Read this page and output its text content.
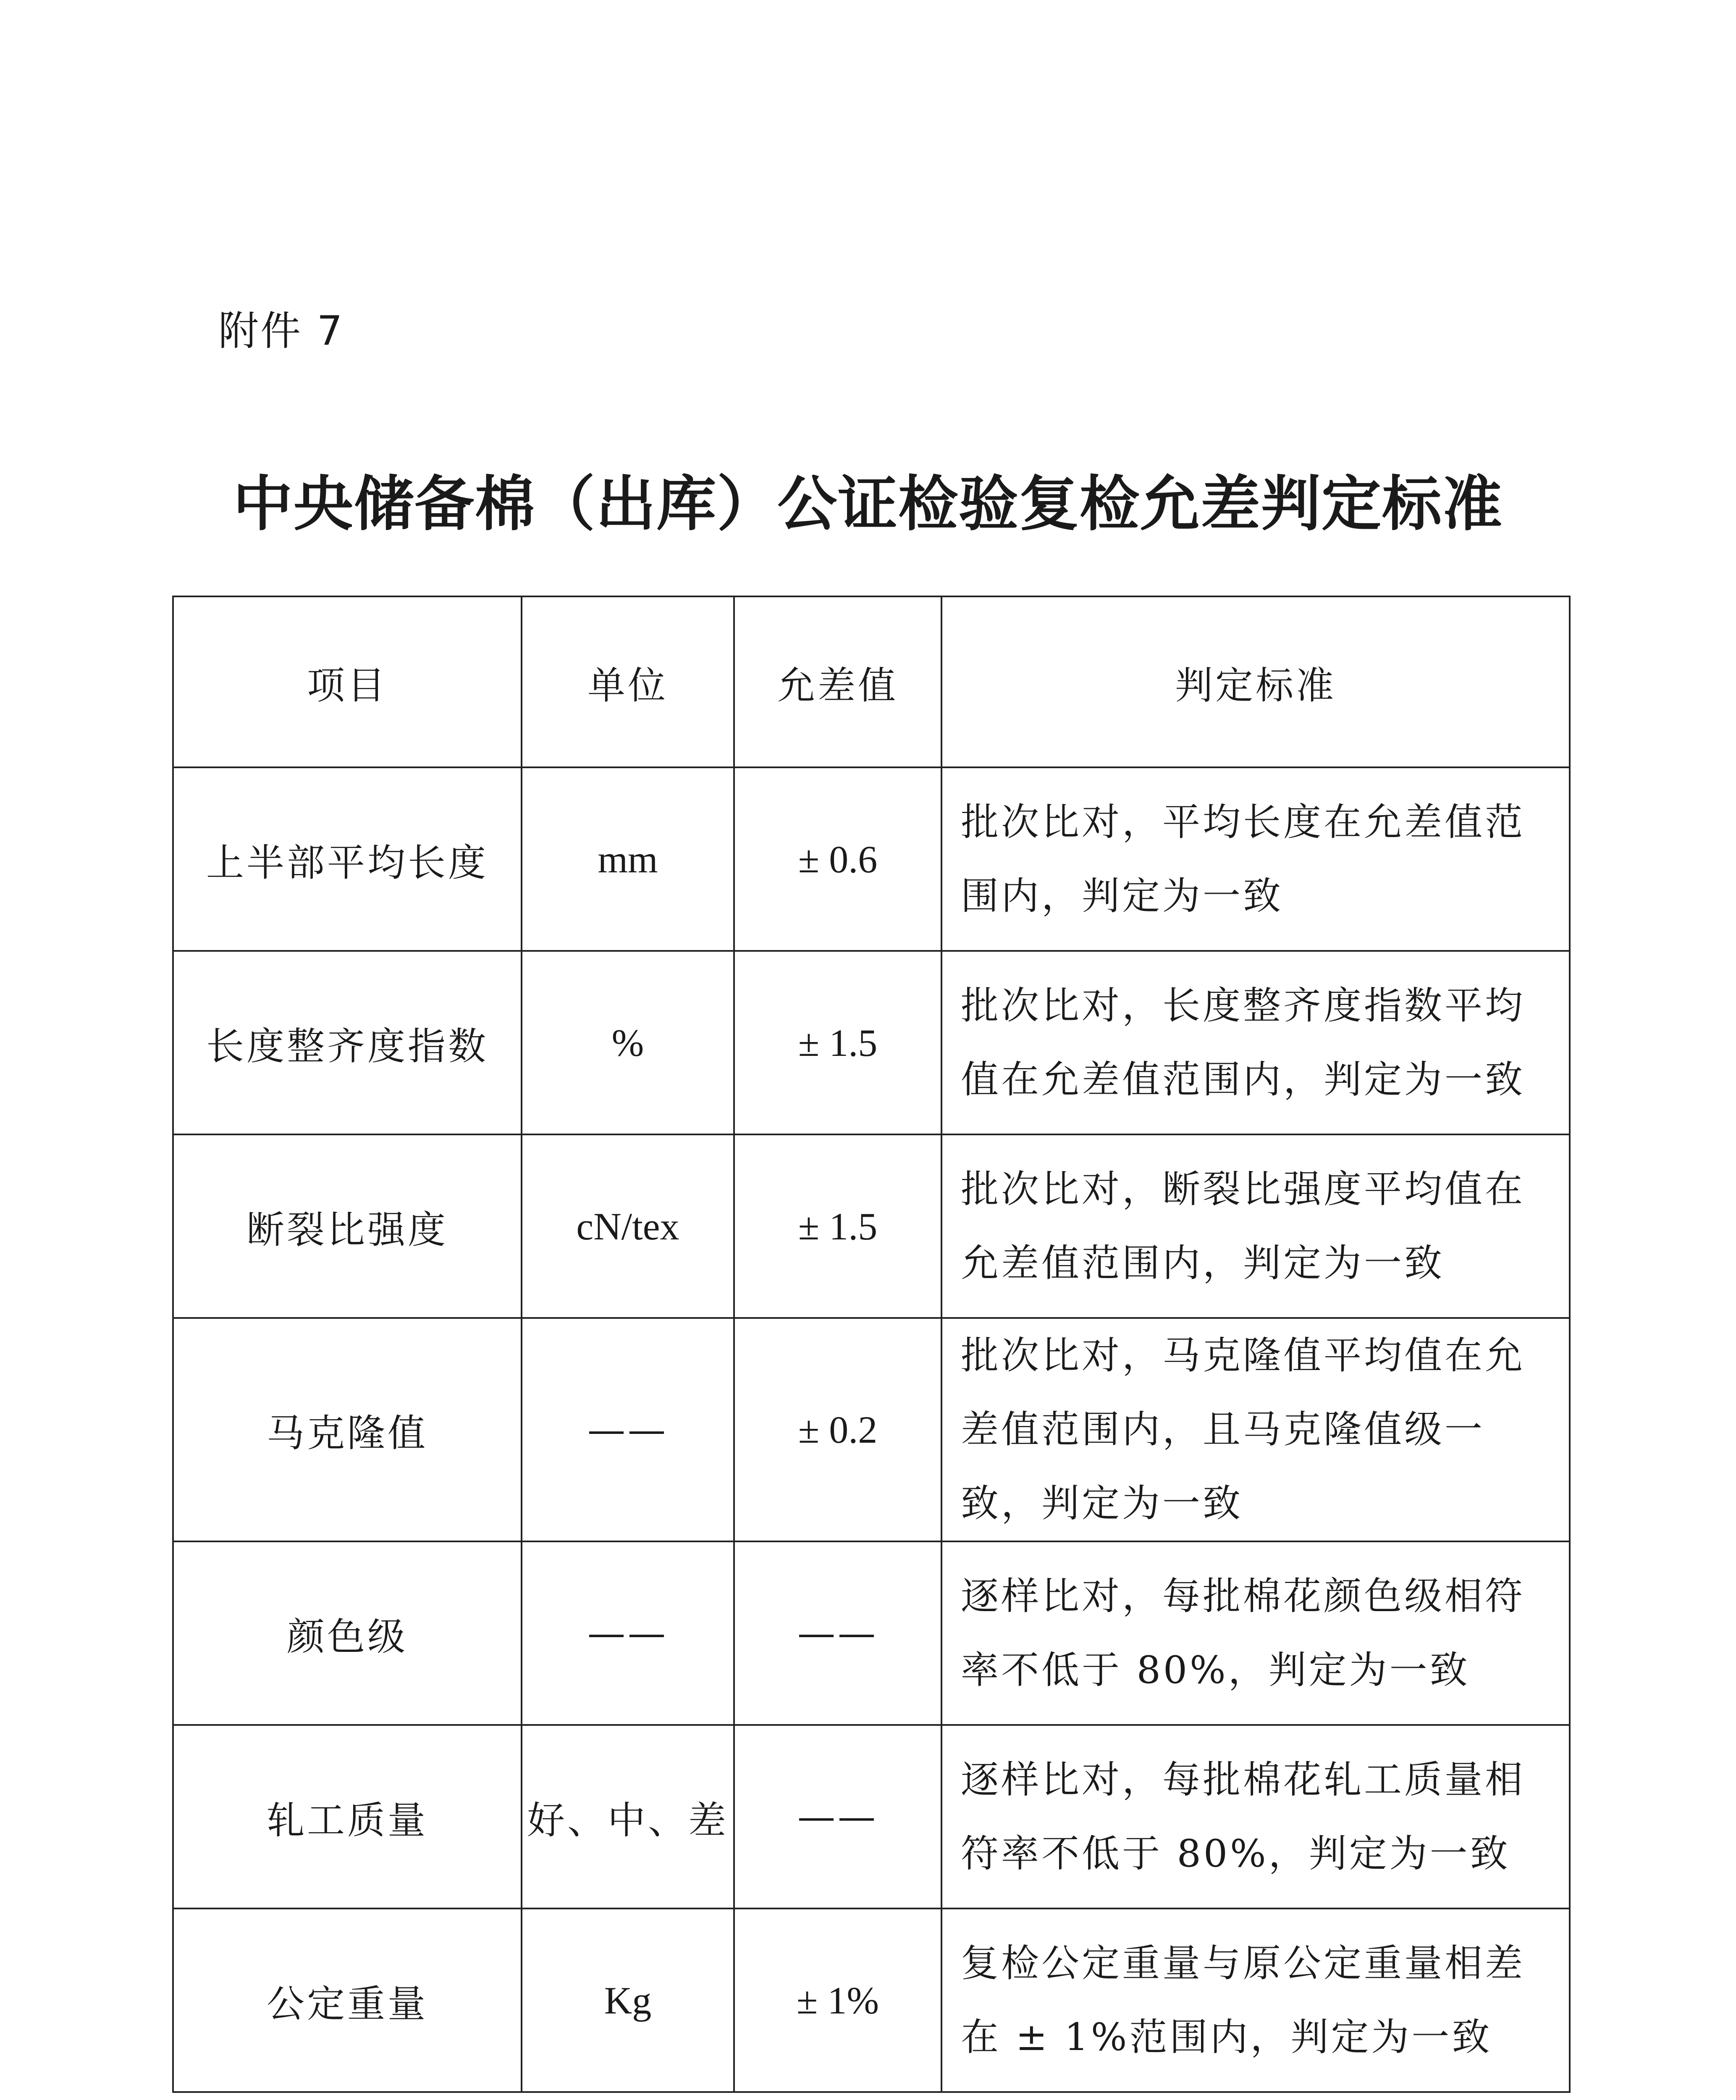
附件 7
中央储备棉（出库）公证检验复检允差判定标准
项目	单位	允差值	判定标准
上半部平均长度	mm	± 0.6	批次比对，平均长度在允差值范围内，判定为一致
长度整齐度指数	%	± 1.5	批次比对，长度整齐度指数平均值在允差值范围内，判定为一致
断裂比强度	cN/tex	± 1.5	批次比对，断裂比强度平均值在允差值范围内，判定为一致
马克隆值	——	± 0.2	批次比对，马克隆值平均值在允差值范围内，且马克隆值级一致，判定为一致
颜色级	——	——	逐样比对，每批棉花颜色级相符率不低于 80%，判定为一致
轧工质量	好、中、差	——	逐样比对，每批棉花轧工质量相符率不低于 80%，判定为一致
公定重量	Kg	± 1%	复检公定重量与原公定重量相差在 ± 1%范围内，判定为一致
